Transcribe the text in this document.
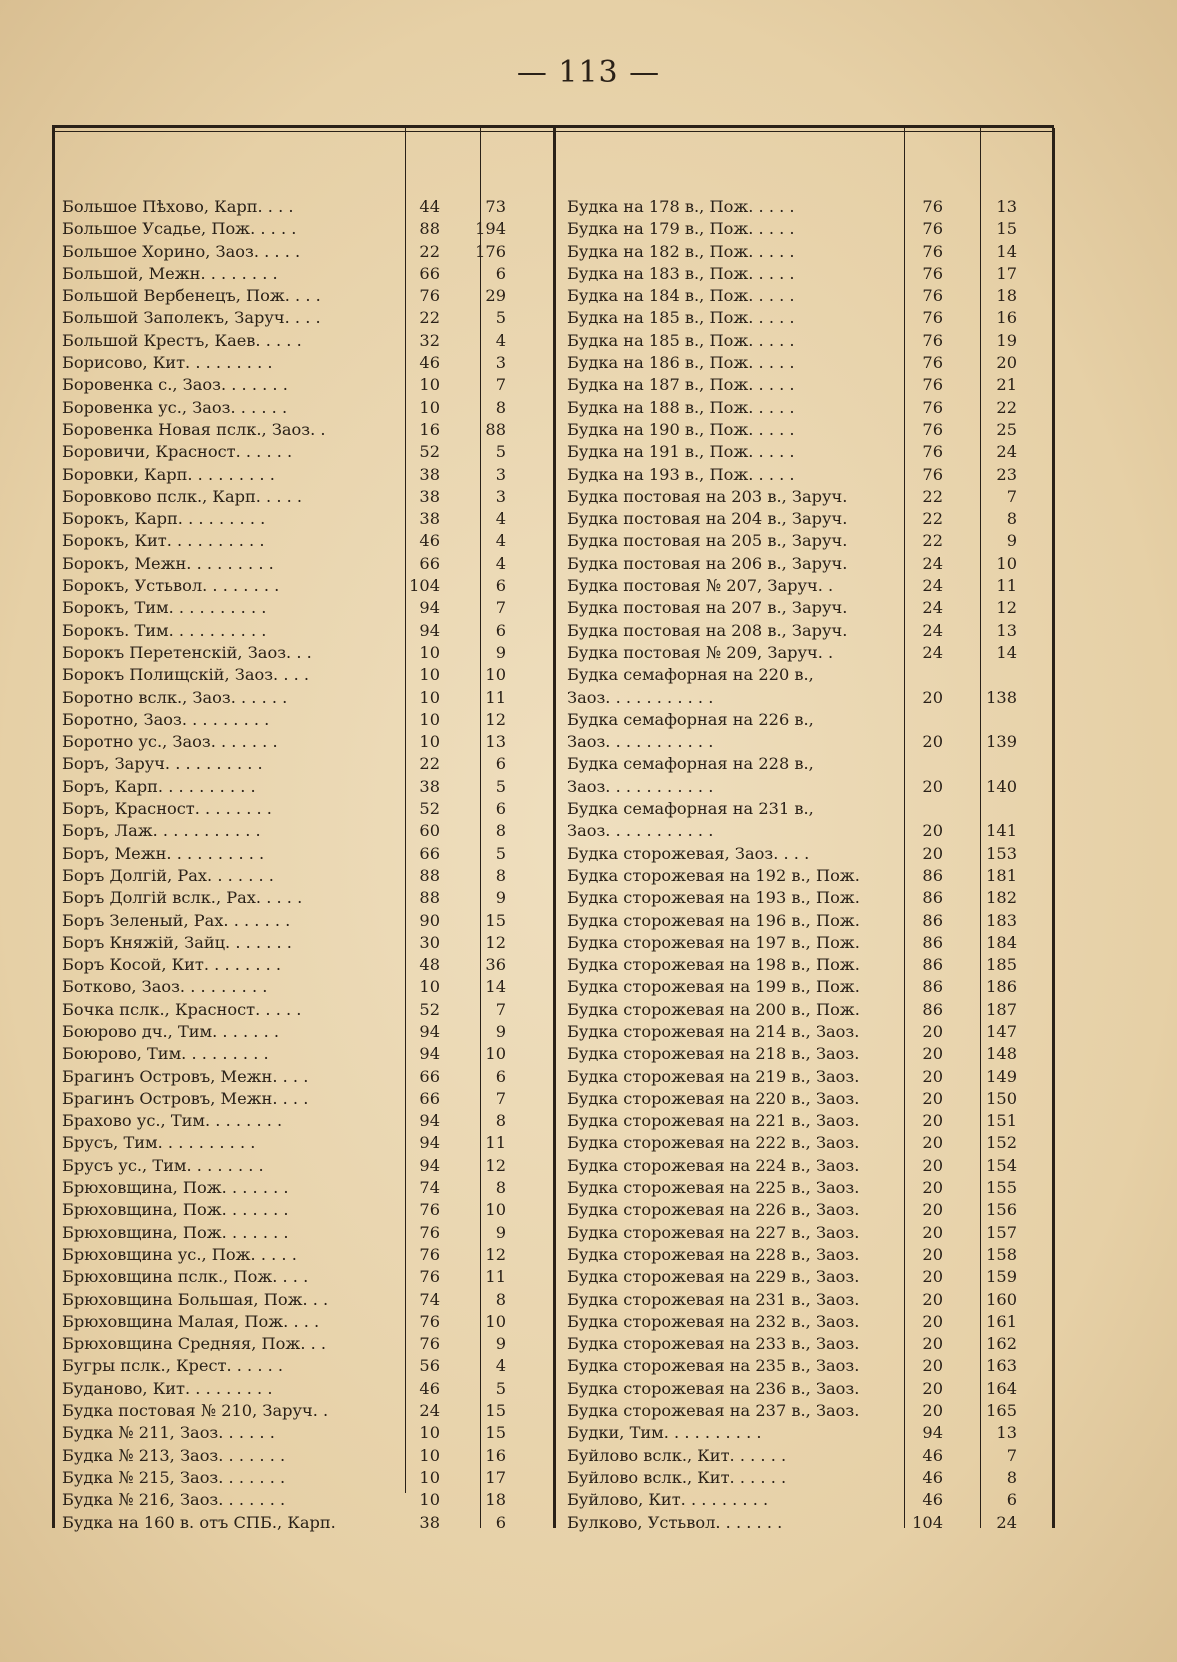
— 113 —
Большое Пѣхово, Карп. . . .	44	73
Большое Усадье, Пож. . . . .	88	194
Большое Хорино, Заоз. . . . .	22	176
Большой, Межн. . . . . . . .	66	6
Большой Вербенецъ, Пож. . . .	76	29
Большой Заполекъ, Заруч. . . .	22	5
Большой Крестъ, Каев. . . . .	32	4
Борисово, Кит. . . . . . . . .	46	3
Боровенка с., Заоз. . . . . . .	10	7
Боровенка ус., Заоз. . . . . .	10	8
Боровенка Новая пслк., Заоз. .	16	88
Боровичи, Красност. . . . . .	52	5
Боровки, Карп. . . . . . . . .	38	3
Боровково пслк., Карп. . . . .	38	3
Борокъ, Карп. . . . . . . . .	38	4
Борокъ, Кит. . . . . . . . . .	46	4
Борокъ, Межн. . . . . . . . .	66	4
Борокъ, Устьвол. . . . . . . .	104	6
Борокъ, Тим. . . . . . . . . .	94	7
Борокъ. Тим. . . . . . . . . .	94	6
Борокъ Перетенскій, Заоз. . .	10	9
Борокъ Полищскій, Заоз. . . .	10	10
Боротно вслк., Заоз. . . . . .	10	11
Боротно, Заоз. . . . . . . . .	10	12
Боротно ус., Заоз. . . . . . .	10	13
Боръ, Заруч. . . . . . . . . .	22	6
Боръ, Карп. . . . . . . . . .	38	5
Боръ, Красност. . . . . . . .	52	6
Боръ, Лаж. . . . . . . . . . .	60	8
Боръ, Межн. . . . . . . . . .	66	5
Боръ Долгій, Рах. . . . . . .	88	8
Боръ Долгій вслк., Рах. . . . .	88	9
Боръ Зеленый, Рах. . . . . . .	90	15
Боръ Княжій, Зайц. . . . . . .	30	12
Боръ Косой, Кит. . . . . . . .	48	36
Ботково, Заоз. . . . . . . . .	10	14
Бочка пслк., Красност. . . . .	52	7
Боюрово дч., Тим. . . . . . .	94	9
Боюрово, Тим. . . . . . . . .	94	10
Брагинъ Островъ, Межн. . . .	66	6
Брагинъ Островъ, Межн. . . .	66	7
Брахово ус., Тим. . . . . . . .	94	8
Брусъ, Тим. . . . . . . . . .	94	11
Брусъ ус., Тим. . . . . . . .	94	12
Брюховщина, Пож. . . . . . .	74	8
Брюховщина, Пож. . . . . . .	76	10
Брюховщина, Пож. . . . . . .	76	9
Брюховщина ус., Пож. . . . .	76	12
Брюховщина пслк., Пож. . . .	76	11
Брюховщина Большая, Пож. . .	74	8
Брюховщина Малая, Пож. . . .	76	10
Брюховщина Средняя, Пож. . .	76	9
Бугры пслк., Крест. . . . . .	56	4
Буданово, Кит. . . . . . . . .	46	5
Будка постовая № 210, Заруч. .	24	15
Будка № 211, Заоз. . . . . .	10	15
Будка № 213, Заоз. . . . . . .	10	16
Будка № 215, Заоз. . . . . . .	10	17
Будка № 216, Заоз. . . . . . .	10	18
Будка на 160 в. отъ СПБ., Карп.	38	6
Будка на 178 в., Пож. . . . .	76	13
Будка на 179 в., Пож. . . . .	76	15
Будка на 182 в., Пож. . . . .	76	14
Будка на 183 в., Пож. . . . .	76	17
Будка на 184 в., Пож. . . . .	76	18
Будка на 185 в., Пож. . . . .	76	16
Будка на 185 в., Пож. . . . .	76	19
Будка на 186 в., Пож. . . . .	76	20
Будка на 187 в., Пож. . . . .	76	21
Будка на 188 в., Пож. . . . .	76	22
Будка на 190 в., Пож. . . . .	76	25
Будка на 191 в., Пож. . . . .	76	24
Будка на 193 в., Пож. . . . .	76	23
Будка постовая на 203 в., Заруч.	22	7
Будка постовая на 204 в., Заруч.	22	8
Будка постовая на 205 в., Заруч.	22	9
Будка постовая на 206 в., Заруч.	24	10
Будка постовая № 207, Заруч. .	24	11
Будка постовая на 207 в., Заруч.	24	12
Будка постовая на 208 в., Заруч.	24	13
Будка постовая № 209, Заруч. .	24	14
Будка семафорная на 220 в.,
Заоз. . . . . . . . . . .	20	138
Будка семафорная на 226 в.,
Заоз. . . . . . . . . . .	20	139
Будка семафорная на 228 в.,
Заоз. . . . . . . . . . .	20	140
Будка семафорная на 231 в.,
Заоз. . . . . . . . . . .	20	141
Будка сторожевая, Заоз. . . .	20	153
Будка сторожевая на 192 в., Пож.	86	181
Будка сторожевая на 193 в., Пож.	86	182
Будка сторожевая на 196 в., Пож.	86	183
Будка сторожевая на 197 в., Пож.	86	184
Будка сторожевая на 198 в., Пож.	86	185
Будка сторожевая на 199 в., Пож.	86	186
Будка сторожевая на 200 в., Пож.	86	187
Будка сторожевая на 214 в., Заоз.	20	147
Будка сторожевая на 218 в., Заоз.	20	148
Будка сторожевая на 219 в., Заоз.	20	149
Будка сторожевая на 220 в., Заоз.	20	150
Будка сторожевая на 221 в., Заоз.	20	151
Будка сторожевая на 222 в., Заоз.	20	152
Будка сторожевая на 224 в., Заоз.	20	154
Будка сторожевая на 225 в., Заоз.	20	155
Будка сторожевая на 226 в., Заоз.	20	156
Будка сторожевая на 227 в., Заоз.	20	157
Будка сторожевая на 228 в., Заоз.	20	158
Будка сторожевая на 229 в., Заоз.	20	159
Будка сторожевая на 231 в., Заоз.	20	160
Будка сторожевая на 232 в., Заоз.	20	161
Будка сторожевая на 233 в., Заоз.	20	162
Будка сторожевая на 235 в., Заоз.	20	163
Будка сторожевая на 236 в., Заоз.	20	164
Будка сторожевая на 237 в., Заоз.	20	165
Будки, Тим. . . . . . . . . .	94	13
Буйлово вслк., Кит. . . . . .	46	7
Буйлово вслк., Кит. . . . . .	46	8
Буйлово, Кит. . . . . . . . .	46	6
Булково, Устьвол. . . . . . .	104	24
